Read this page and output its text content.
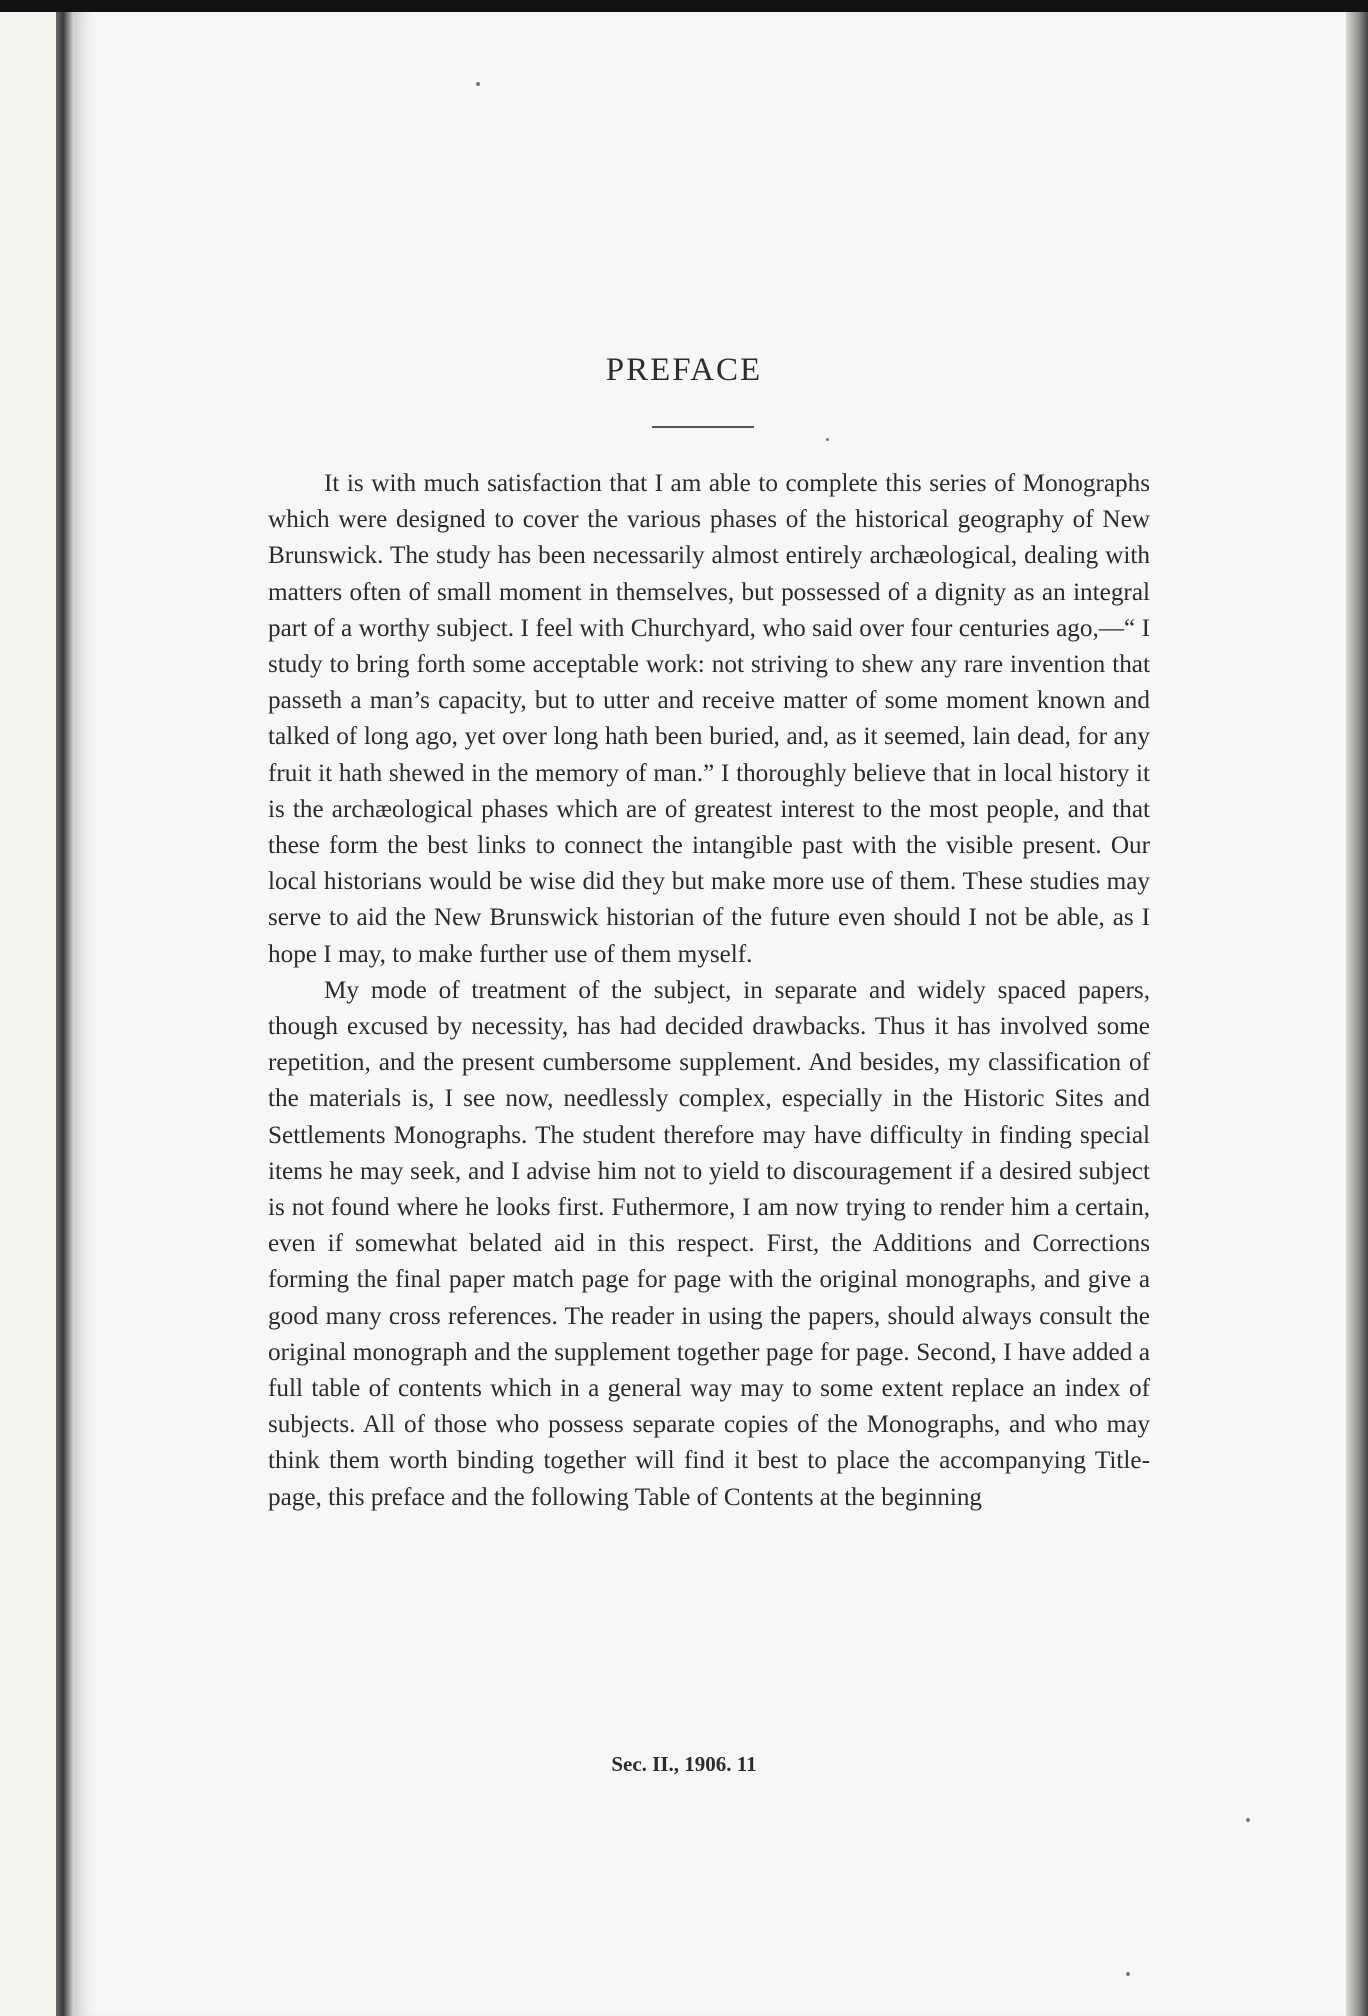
PREFACE

It is with much satisfaction that I am able to complete this series of Monographs which were designed to cover the various phases of the historical geography of New Brunswick. The study has been necessarily almost entirely archæological, dealing with matters often of small moment in themselves, but possessed of a dignity as an integral part of a worthy subject. I feel with Churchyard, who said over four centuries ago,—“ I study to bring forth some acceptable work: not striving to shew any rare invention that passeth a man’s capacity, but to utter and receive matter of some moment known and talked of long ago, yet over long hath been buried, and, as it seemed, lain dead, for any fruit it hath shewed in the memory of man.” I thoroughly believe that in local history it is the archæological phases which are of greatest interest to the most people, and that these form the best links to connect the intangible past with the visible present. Our local historians would be wise did they but make more use of them. These studies may serve to aid the New Brunswick historian of the future even should I not be able, as I hope I may, to make further use of them myself.

My mode of treatment of the subject, in separate and widely spaced papers, though excused by necessity, has had decided drawbacks. Thus it has involved some repetition, and the present cumbersome supplement. And besides, my classification of the materials is, I see now, needlessly complex, especially in the Historic Sites and Settlements Monographs. The student therefore may have difficulty in finding special items he may seek, and I advise him not to yield to discouragement if a desired subject is not found where he looks first. Futhermore, I am now trying to render him a certain, even if somewhat belated aid in this respect. First, the Additions and Corrections forming the final paper match page for page with the original monographs, and give a good many cross references. The reader in using the papers, should always consult the original monograph and the supplement together page for page. Second, I have added a full table of contents which in a general way may to some extent replace an index of subjects. All of those who possess separate copies of the Monographs, and who may think them worth binding together will find it best to place the accompanying Title-page, this preface and the following Table of Contents at the beginning

Sec. II., 1906. 11
